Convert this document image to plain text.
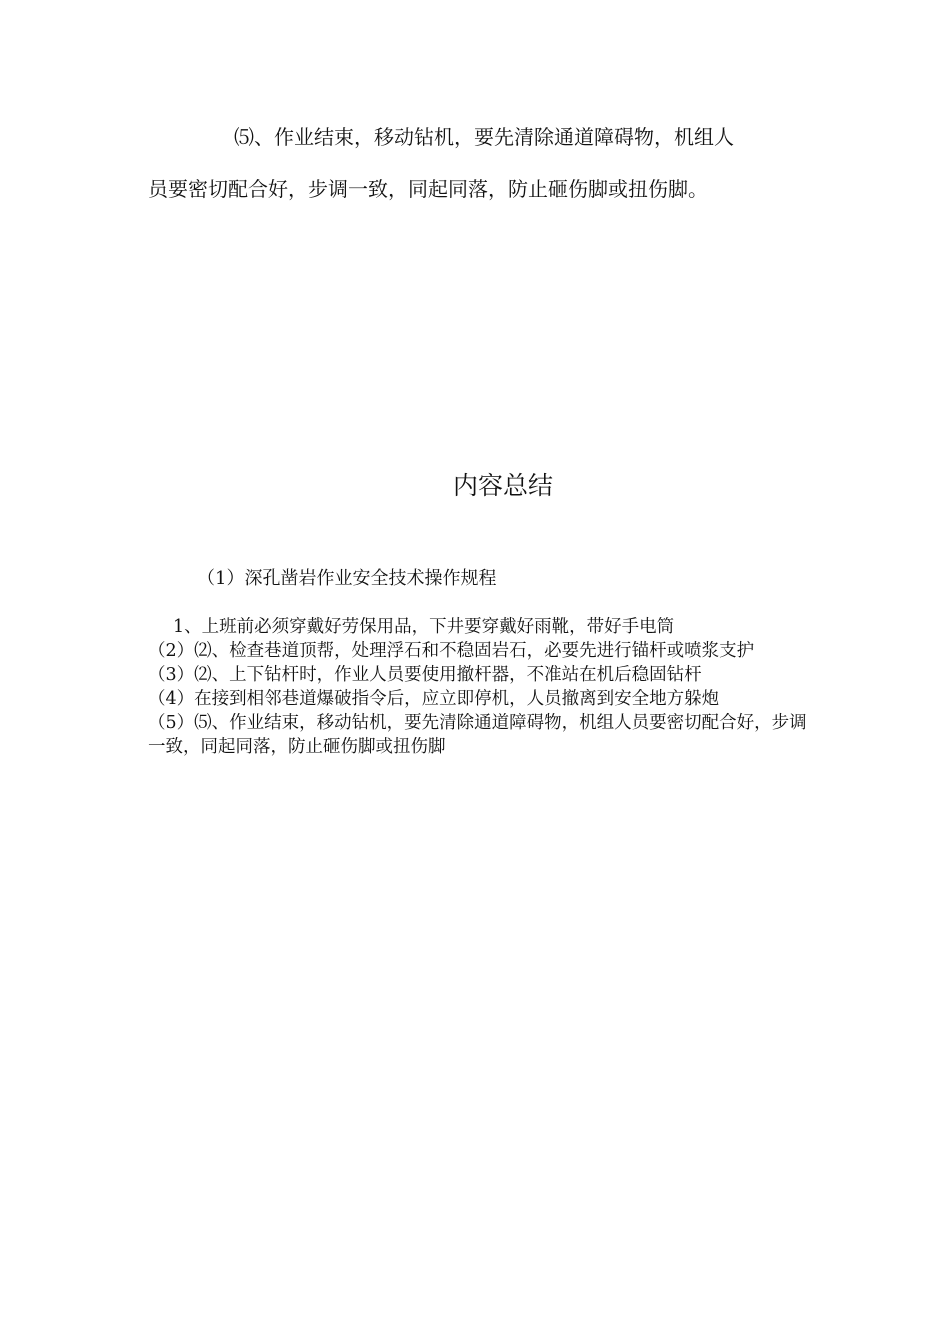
⑸、作业结束，移动钻机，要先清除通道障碍物，机组人
员要密切配合好，步调一致，同起同落，防止砸伤脚或扭伤脚。
内容总结
（1）深孔凿岩作业安全技术操作规程

1、上班前必须穿戴好劳保用品，下井要穿戴好雨靴，带好手电筒

（2）⑵、检查巷道顶帮，处理浮石和不稳固岩石，必要先进行锚杆或喷浆支护

（3）⑵、上下钻杆时，作业人员要使用撤杆器，不准站在机后稳固钻杆

（4）在接到相邻巷道爆破指令后，应立即停机，人员撤离到安全地方躲炮

（5）⑸、作业结束，移动钻机，要先清除通道障碍物，机组人员要密切配合好，步调一致，同起同落，防止砸伤脚或扭伤脚
